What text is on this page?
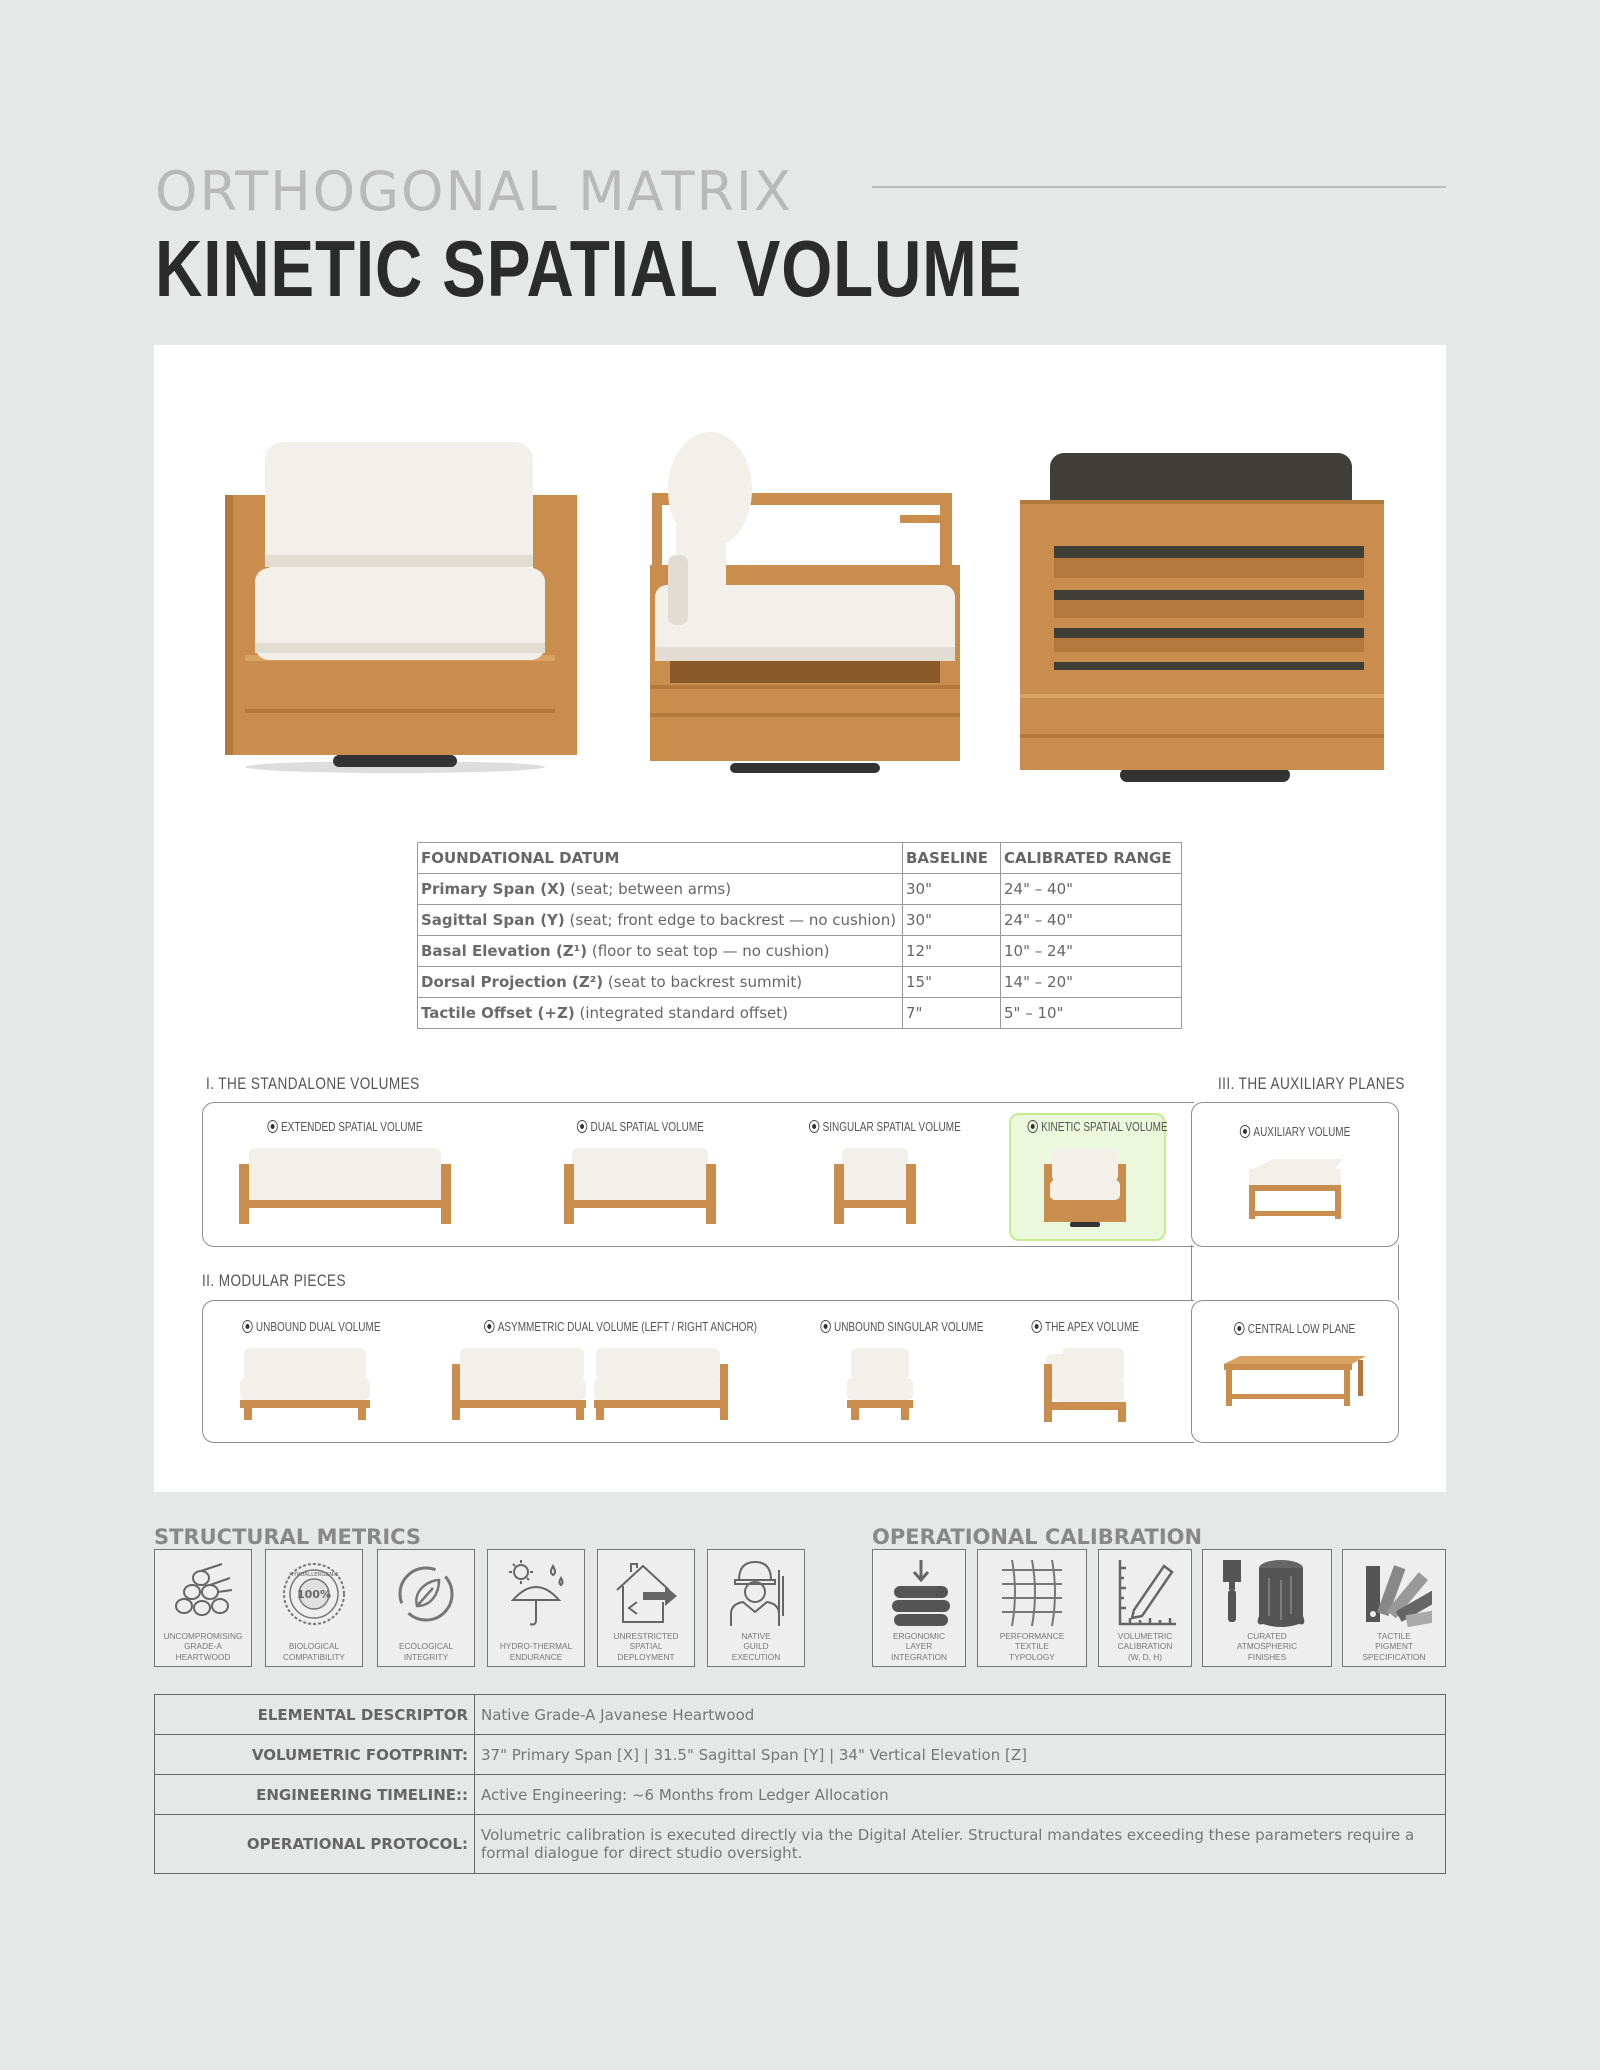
ORTHOGONAL MATRIX
KINETIC SPATIAL VOLUME
FOUNDATIONAL DATUM	BASELINE	CALIBRATED RANGE
Primary Span (X) (seat; between arms)	30"	24" – 40"
Sagittal Span (Y) (seat; front edge to backrest — no cushion)	30"	24" – 40"
Basal Elevation (Z¹) (floor to seat top — no cushion)	12"	10" – 24"
Dorsal Projection (Z²) (seat to backrest summit)	15"	14" – 20"
Tactile Offset (+Z) (integrated standard offset)	7"	5" – 10"
I. THE STANDALONE VOLUMES	III. THE AUXILIARY PLANES
II. MODULAR PIECES
EXTENDED SPATIAL VOLUME	DUAL SPATIAL VOLUME	SINGULAR SPATIAL VOLUME	KINETIC SPATIAL VOLUME	AUXILIARY VOLUME
CENTRAL LOW PLANE
UNBOUND DUAL VOLUME	ASYMMETRIC DUAL VOLUME (LEFT / RIGHT ANCHOR)	UNBOUND SINGULAR VOLUME	THE APEX VOLUME
STRUCTURAL METRICS	OPERATIONAL CALIBRATION
UNCOMPROMISING
GRADE-A
HEARTWOOD
100%
HYPOALLERGENIC
BIOLOGICAL
COMPATIBILITY
ECOLOGICAL
INTEGRITY
HYDRO-THERMAL
ENDURANCE
UNRESTRICTED
SPATIAL
DEPLOYMENT
NATIVE
GUILD
EXECUTION
ERGONOMIC
LAYER
INTEGRATION
PERFORMANCE
TEXTILE
TYPOLOGY
VOLUMETRIC
CALIBRATION
(W, D, H)
CURATED
ATMOSPHERIC
FINISHES
TACTILE
PIGMENT
SPECIFICATION
ELEMENTAL DESCRIPTOR	Native Grade-A Javanese Heartwood
VOLUMETRIC FOOTPRINT:	37" Primary Span [X] | 31.5" Sagittal Span [Y] | 34" Vertical Elevation [Z]
ENGINEERING TIMELINE::	Active Engineering: ~6 Months from Ledger Allocation
OPERATIONAL PROTOCOL:	Volumetric calibration is executed directly via the Digital Atelier. Structural mandates exceeding these parameters require a formal dialogue for direct studio oversight.
